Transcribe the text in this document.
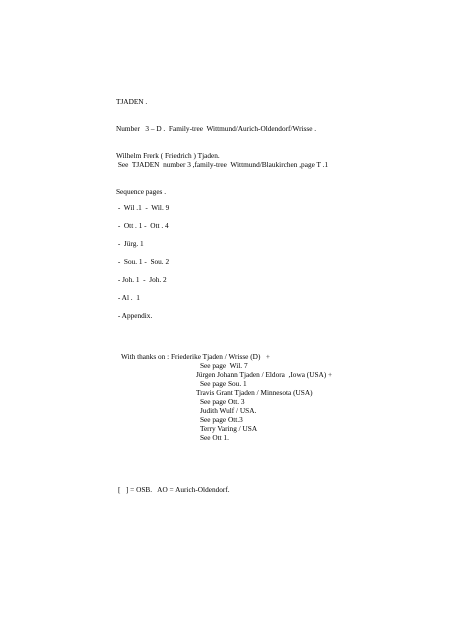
TJADEN .
Number   3 – D .  Family-tree  Wittmund/Aurich-Oldendorf/Wrisse .
Wilhelm Frerk ( Friedrich ) Tjaden.
See  TJADEN  number 3 ,family-tree  Wittmund/Blaukirchen ,page T .1
Sequence pages .
-  Wil .1  -  Wil. 9
-  Ott . 1 -  Ott . 4
-  Jürg. 1
-  Sou. 1 -  Sou. 2
- Joh. 1  -  Joh. 2
- Al .  1
- Appendix.
With thanks on : Friederike Tjaden / Wrisse (D)   +
See page  Wil. 7
Jürgen Johann Tjaden / Eldora  ,Iowa (USA) +
See page Sou. 1
Travis Grant Tjaden / Minnesota (USA)
See page Ott. 3
Judith Wulf / USA.
See page Ott.3
Terry Varing / USA
See Ott 1.
[   ] = OSB.   AO = Aurich-Oldendorf.
